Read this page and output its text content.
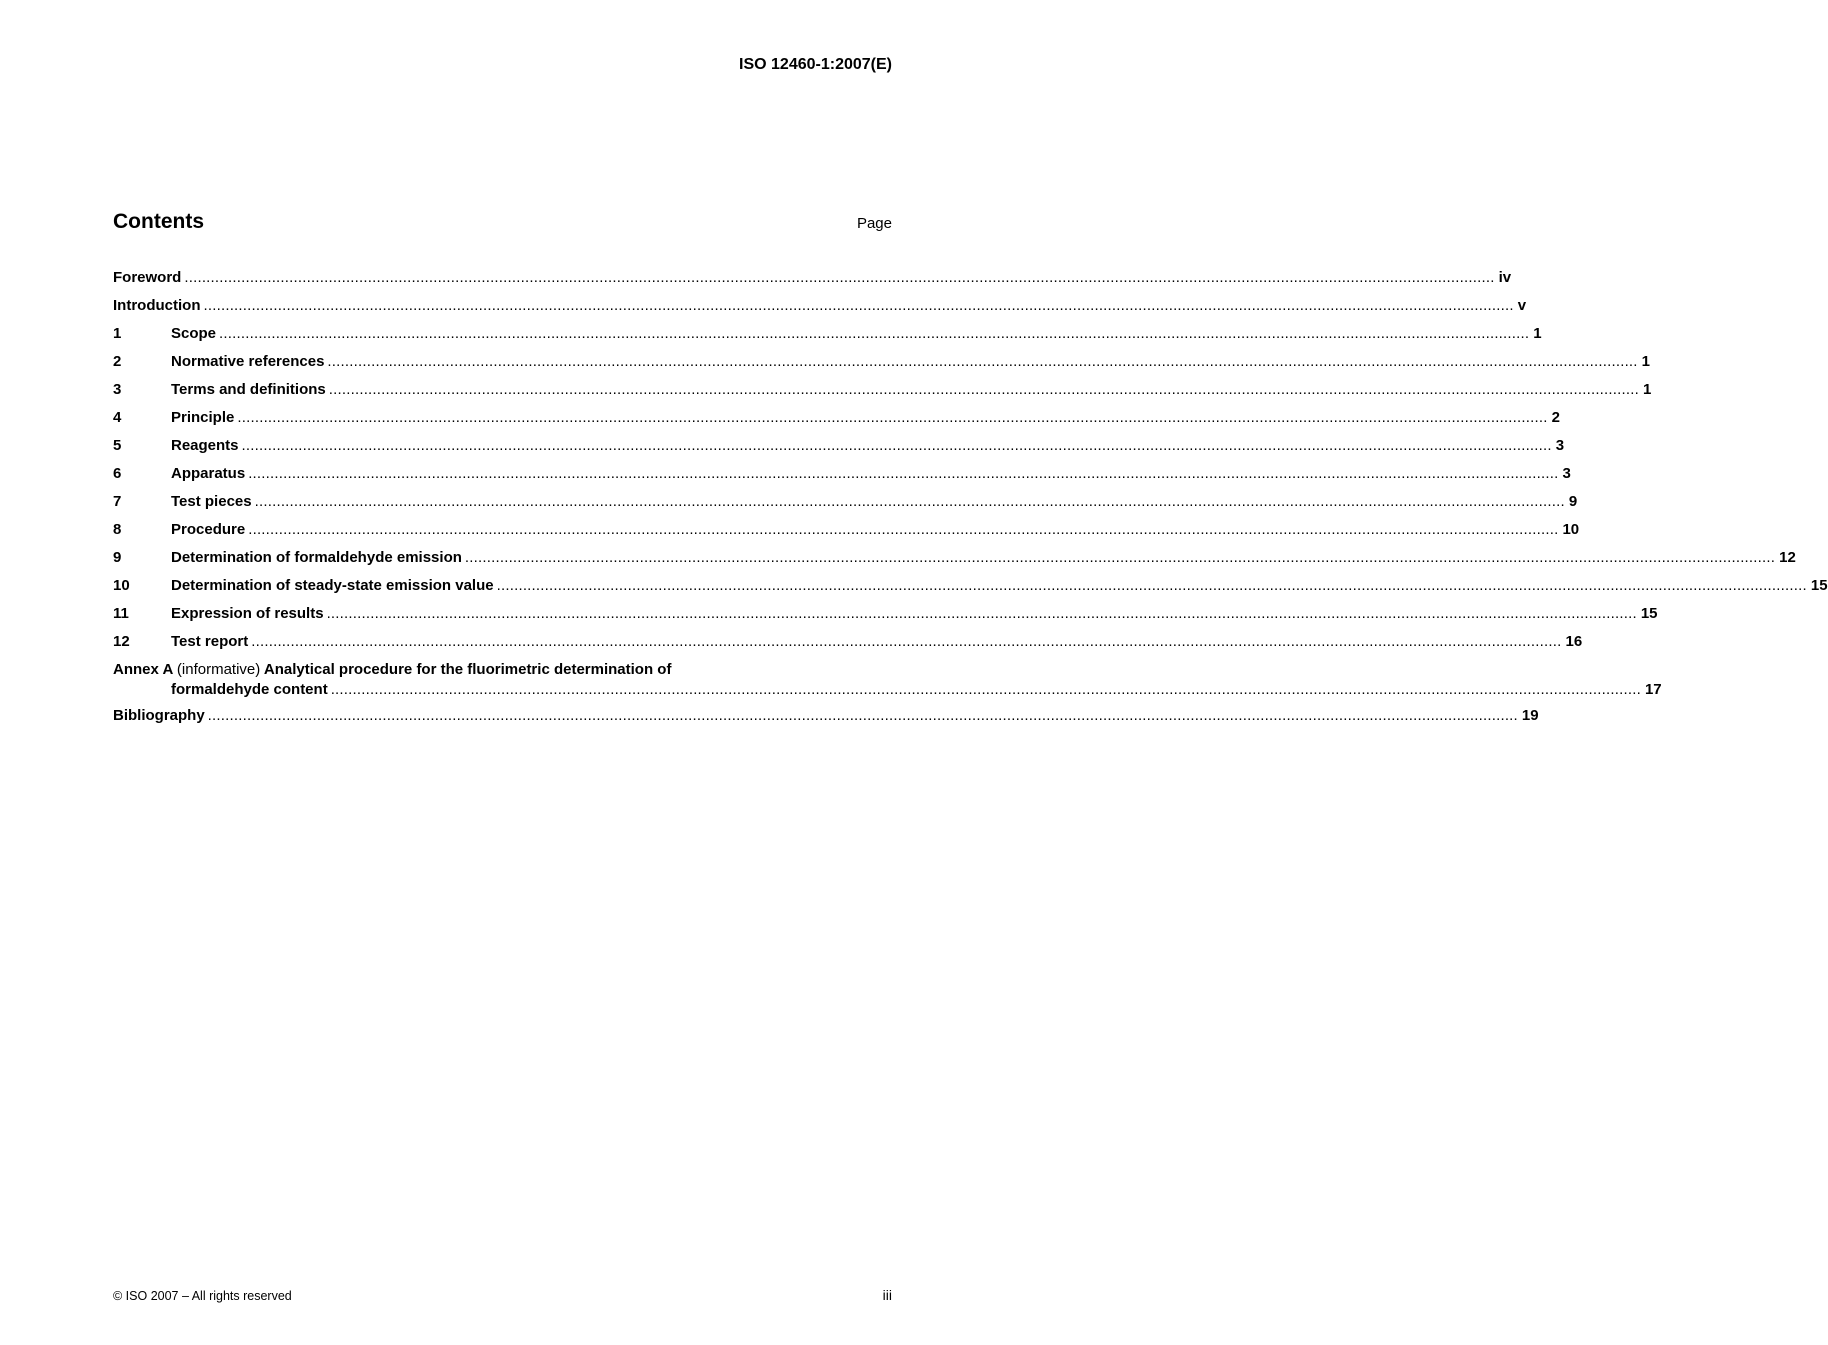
ISO 12460-1:2007(E)
Contents	Page
Foreword ............................................................................................................................................................................................................................................................................................................ iv
Introduction ............................................................................................................................................................................................................................................................................................................ v
1	Scope ............................................................................................................................................................................................................................................................................................................ 1
2	Normative references ............................................................................................................................................................................................................................................................................................................ 1
3	Terms and definitions ............................................................................................................................................................................................................................................................................................................ 1
4	Principle ............................................................................................................................................................................................................................................................................................................ 2
5	Reagents ............................................................................................................................................................................................................................................................................................................ 3
6	Apparatus ............................................................................................................................................................................................................................................................................................................ 3
7	Test pieces ............................................................................................................................................................................................................................................................................................................ 9
8	Procedure ............................................................................................................................................................................................................................................................................................................ 10
9	Determination of formaldehyde emission ............................................................................................................................................................................................................................................................................................................ 12
10	Determination of steady-state emission value ............................................................................................................................................................................................................................................................................................................ 15
11	Expression of results ............................................................................................................................................................................................................................................................................................................ 15
12	Test report ............................................................................................................................................................................................................................................................................................................ 16
Annex A (informative) Analytical procedure for the fluorimetric determination of
formaldehyde content ............................................................................................................................................................................................................................................................................................................ 17
Bibliography ............................................................................................................................................................................................................................................................................................................ 19
© ISO 2007 – All rights reserved	iii
